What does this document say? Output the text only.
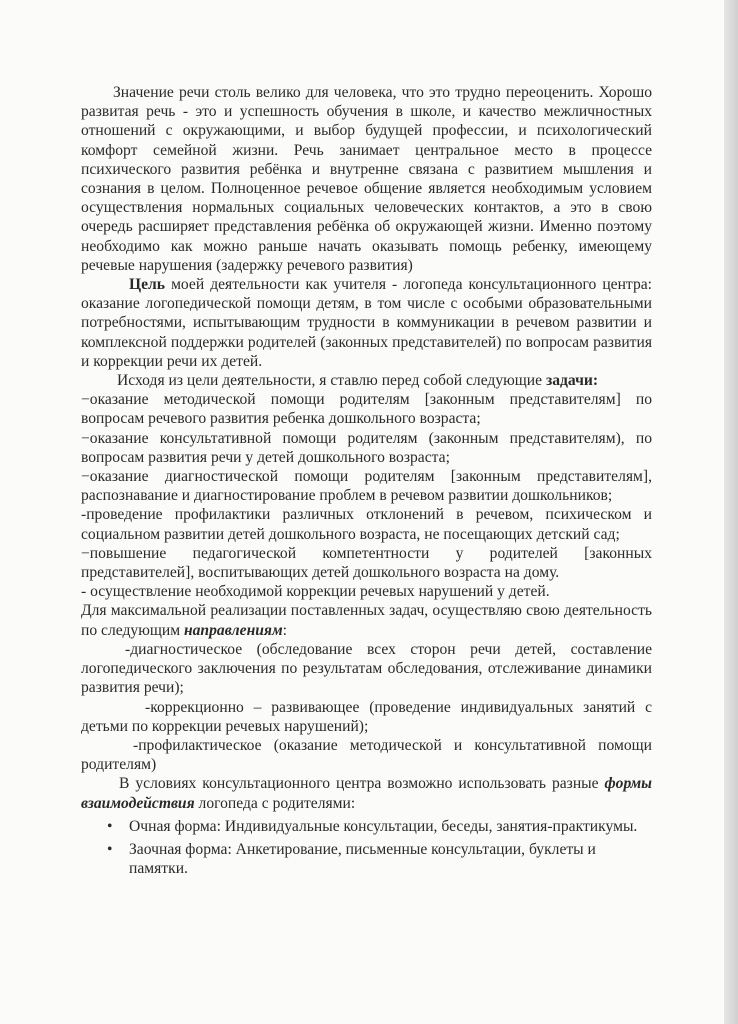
Значение речи столь велико для человека, что это трудно переоценить. Хорошо развитая речь - это и успешность обучения в школе, и качество межличностных отношений с окружающими, и выбор будущей профессии, и психологический комфорт семейной жизни. Речь занимает центральное место в процессе психического развития ребёнка и внутренне связана с развитием мышления и сознания в целом. Полноценное речевое общение является необходимым условием осуществления нормальных социальных человеческих контактов, а это в свою очередь расширяет представления ребёнка об окружающей жизни. Именно поэтому необходимо как можно раньше начать оказывать помощь ребенку, имеющему речевые нарушения (задержку речевого развития)

Цель моей деятельности как учителя - логопеда консультационного центра: оказание логопедической помощи детям, в том числе с особыми образовательными потребностями, испытывающим трудности в коммуникации в речевом развитии и комплексной поддержки родителей (законных представителей) по вопросам развития и коррекции речи их детей.

Исходя из цели деятельности, я ставлю перед собой следующие задачи:

−оказание методической помощи родителям [законным представителям] по вопросам речевого развития ребенка дошкольного возраста;

−оказание консультативной помощи родителям (законным представителям), по вопросам развития речи у детей дошкольного возраста;

−оказание диагностической помощи родителям [законным представителям], распознавание и диагностирование проблем в речевом развитии дошкольников;

-проведение профилактики различных отклонений в речевом, психическом и социальном развитии детей дошкольного возраста, не посещающих детский сад;

−повышение педагогической компетентности у родителей [законных представителей], воспитывающих детей дошкольного возраста на дому.

- осуществление необходимой коррекции речевых нарушений у детей.

Для максимальной реализации поставленных задач, осуществляю свою деятельность по следующим направлениям:

-диагностическое (обследование всех сторон речи детей, составление логопедического заключения по результатам обследования, отслеживание динамики развития речи);

-коррекционно – развивающее (проведение индивидуальных занятий с детьми по коррекции речевых нарушений);

-профилактическое (оказание методической и консультативной помощи родителям)

В условиях консультационного центра возможно использовать разные формы взаимодействия логопеда с родителями:

• Очная форма: Индивидуальные консультации, беседы, занятия-практикумы.
• Заочная форма: Анкетирование, письменные консультации, буклеты и памятки.
